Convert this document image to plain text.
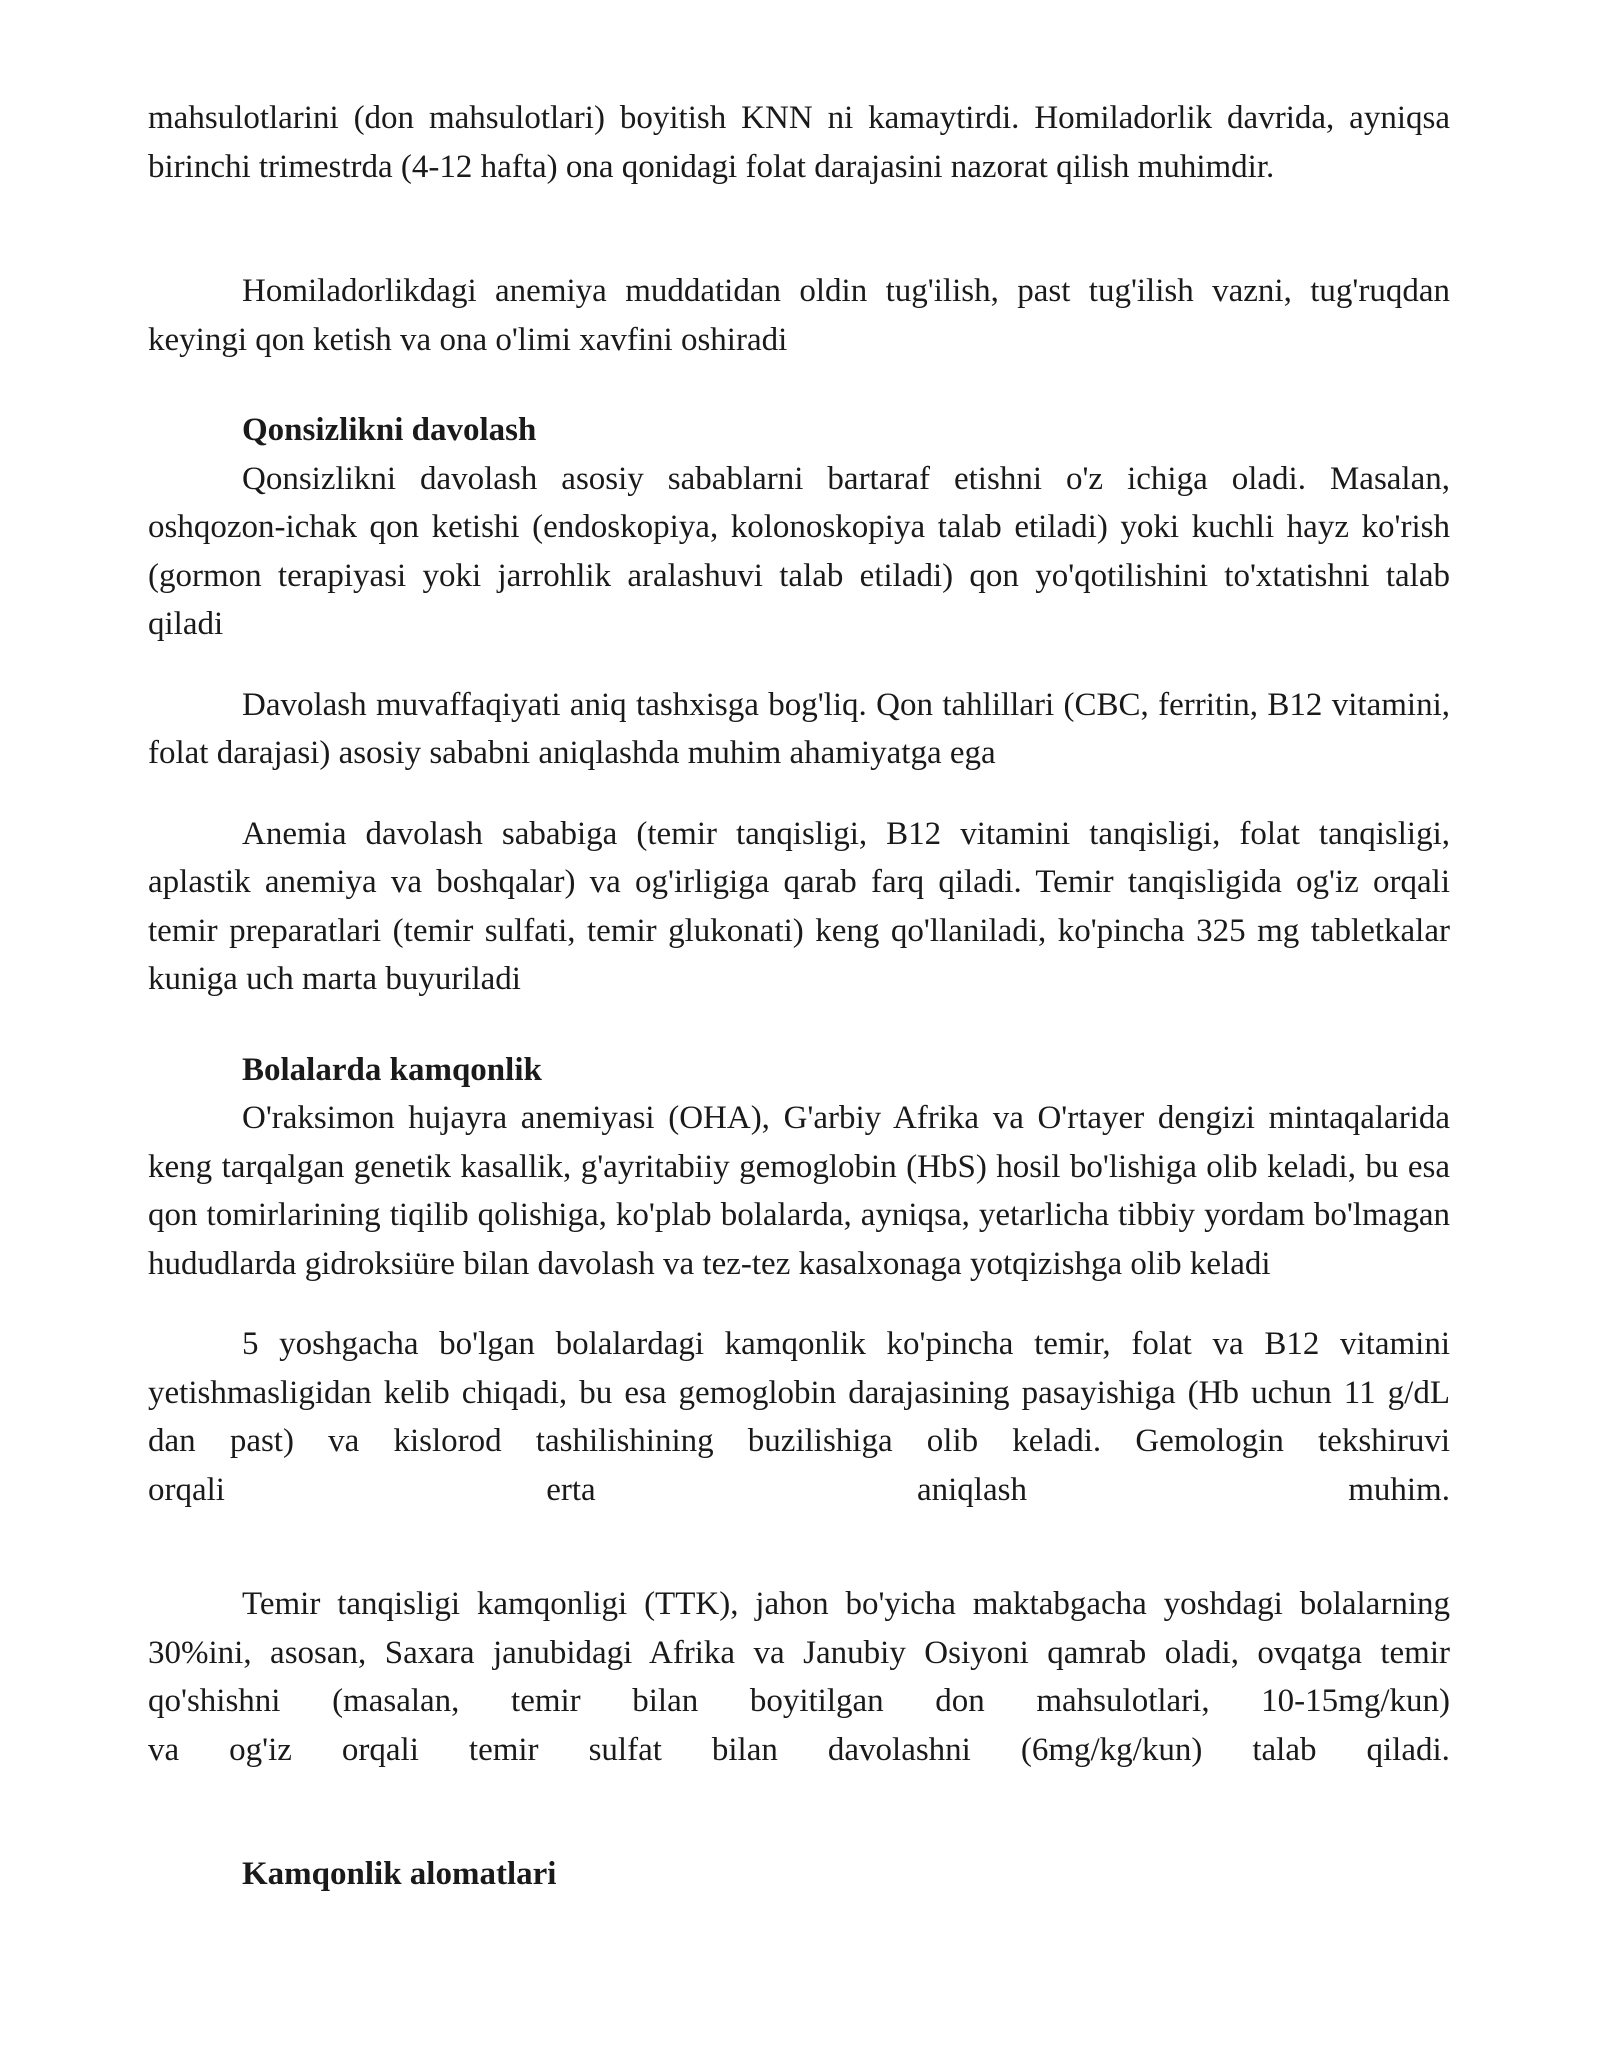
mahsulotlarini (don mahsulotlari) boyitish KNN ni kamaytirdi. Homiladorlik davrida, ayniqsa birinchi trimestrda (4-12 hafta) ona qonidagi folat darajasini nazorat qilish muhimdir.

Homiladorlikdagi anemiya muddatidan oldin tug'ilish, past tug'ilish vazni, tug'ruqdan keyingi qon ketish va ona o'limi xavfini oshiradi

Qonsizlikni davolash

Qonsizlikni davolash asosiy sabablarni bartaraf etishni o'z ichiga oladi. Masalan, oshqozon-ichak qon ketishi (endoskopiya, kolonoskopiya talab etiladi) yoki kuchli hayz ko'rish (gormon terapiyasi yoki jarrohlik aralashuvi talab etiladi) qon yo'qotilishini to'xtatishni talab qiladi

Davolash muvaffaqiyati aniq tashxisga bog'liq. Qon tahlillari (CBC, ferritin, B12 vitamini, folat darajasi) asosiy sababni aniqlashda muhim ahamiyatga ega

Anemia davolash sababiga (temir tanqisligi, B12 vitamini tanqisligi, folat tanqisligi, aplastik anemiya va boshqalar) va og'irligiga qarab farq qiladi. Temir tanqisligida og'iz orqali temir preparatlari (temir sulfati, temir glukonati) keng qo'llaniladi, ko'pincha 325 mg tabletkalar kuniga uch marta buyuriladi

Bolalarda kamqonlik

O'raksimon hujayra anemiyasi (OHA), G'arbiy Afrika va O'rtayer dengizi mintaqalarida keng tarqalgan genetik kasallik, g'ayritabiiy gemoglobin (HbS) hosil bo'lishiga olib keladi, bu esa qon tomirlarining tiqilib qolishiga, ko'plab bolalarda, ayniqsa, yetarlicha tibbiy yordam bo'lmagan hududlarda gidroksiüre bilan davolash va tez-tez kasalxonaga yotqizishga olib keladi

5 yoshgacha bo'lgan bolalardagi kamqonlik ko'pincha temir, folat va B12 vitamini yetishmasligidan kelib chiqadi, bu esa gemoglobin darajasining pasayishiga (Hb uchun 11 g/dL dan past) va kislorod tashilishining buzilishiga olib keladi. Gemologin tekshiruvi

orqali	erta	aniqlash	muhim.

Temir tanqisligi kamqonligi (TTK), jahon bo'yicha maktabgacha yoshdagi bolalarning 30%ini, asosan, Saxara janubidagi Afrika va Janubiy Osiyoni qamrab oladi, ovqatga temir qo'shishni (masalan, temir bilan boyitilgan don mahsulotlari, 10-15mg/kun)

va og'iz orqali temir sulfat bilan davolashni (6mg/kg/kun) talab qiladi.

Kamqonlik alomatlari
